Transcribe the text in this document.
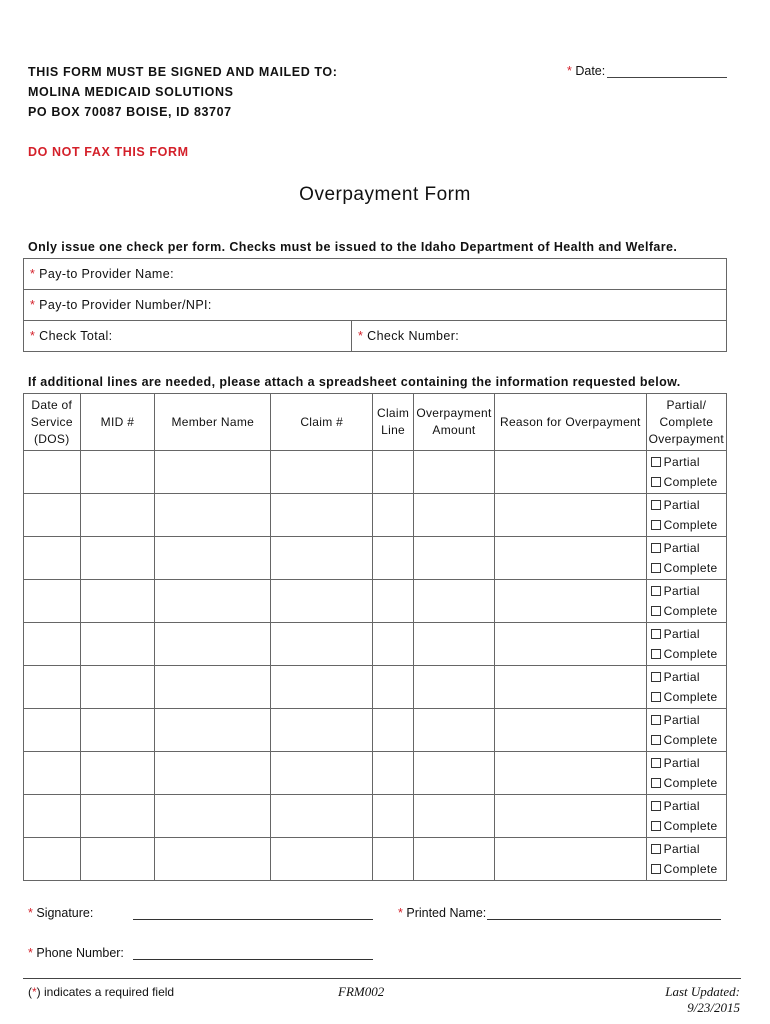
THIS FORM MUST BE SIGNED AND MAILED TO:
MOLINA MEDICAID SOLUTIONS
PO BOX 70087 BOISE, ID 83707
* Date:
DO NOT FAX THIS FORM
Overpayment Form
Only issue one check per form. Checks must be issued to the Idaho Department of Health and Welfare.
* Pay-to Provider Name:
* Pay-to Provider Number/NPI:
* Check Total:	* Check Number:
If additional lines are needed, please attach a spreadsheet containing the information requested below.
Date of Service (DOS)	MID #	Member Name	Claim #	Claim Line	Overpayment Amount	Reason for Overpayment	Partial/ Complete Overpayment

							Partial
Complete

							Partial
Complete

							Partial
Complete

							Partial
Complete

							Partial
Complete

							Partial
Complete

							Partial
Complete

							Partial
Complete

							Partial
Complete

							Partial
Complete
* Signature:	* Printed Name:
* Phone Number:
(*) indicates a required field	FRM002	Last Updated: 9/23/2015
